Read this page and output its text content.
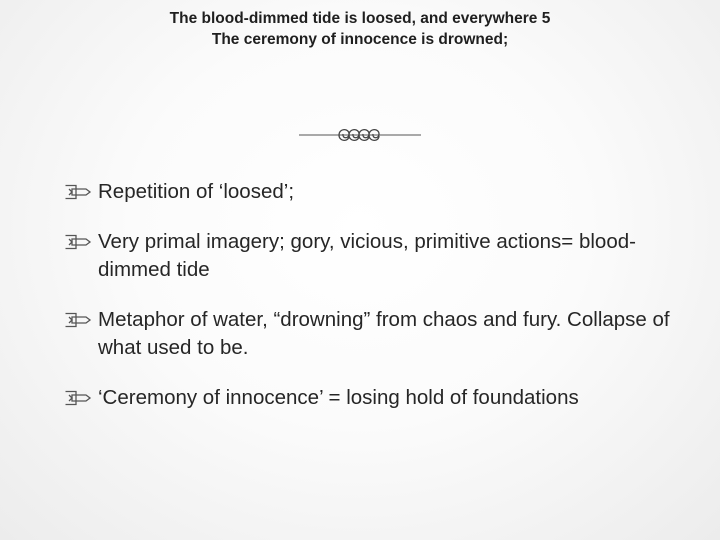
The blood-dimmed tide is loosed, and everywhere 5
The ceremony of innocence is drowned;
Repetition of ‘loosed’;
Very primal imagery; gory, vicious, primitive actions= blood-dimmed tide
Metaphor of water, “drowning” from chaos and fury. Collapse of what used to be.
‘Ceremony of innocence’ = losing hold of foundations
